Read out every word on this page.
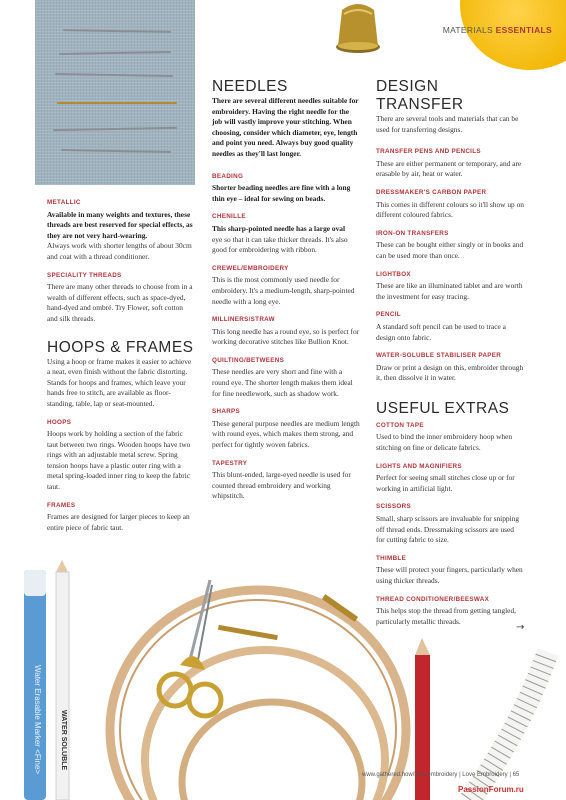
MATERIALS ESSENTIALS
METALLIC
Available in many weights and textures, these threads are best reserved for special effects, as they are not very hard-wearing.
Always work with shorter lengths of about 30cm and coat with a thread conditioner.
SPECIALITY THREADS
There are many other threads to choose from in a wealth of different effects, such as space-dyed, hand-dyed and ombré. Try Flower, soft cotton and silk threads.
HOOPS & FRAMES
Using a hoop or frame makes it easier to achieve a neat, even finish without the fabric distorting. Stands for hoops and frames, which leave your hands free to stitch, are available as floor-standing, table, lap or seat-mounted.
HOOPS
Hoops work by holding a section of the fabric taut between two rings. Wooden hoops have two rings with an adjustable metal screw. Spring tension hoops have a plastic outer ring with a metal spring-loaded inner ring to keep the fabric taut.
FRAMES
Frames are designed for larger pieces to keep an entire piece of fabric taut.
NEEDLES
There are several different needles suitable for embroidery. Having the right needle for the job will vastly improve your stitching. When choosing, consider which diameter, eye, length and point you need. Always buy good quality needles as they'll last longer.
BEADING
Shorter beading needles are fine with a long thin eye – ideal for sewing on beads.
CHENILLE
This sharp-pointed needle has a large oval
eye so that it can take thicker threads. It's also good for embroidering with ribbon.
CREWEL/EMBROIDERY
This is the most commonly used needle for embroidery. It's a medium-length, sharp-pointed needle with a long eye.
MILLINERS/STRAW
This long needle has a round eye, so is perfect for working decorative stitches like Bullion Knot.
QUILTING/BETWEENS
These needles are very short and fine with a round eye. The shorter length makes them ideal for fine needlework, such as shadow work.
SHARPS
These general purpose needles are medium length with round eyes, which makes them strong, and perfect for tightly woven fabrics.
TAPESTRY
This blunt-ended, large-eyed needle is used for counted thread embroidery and working whipstitch.
DESIGN TRANSFER
There are several tools and materials that can be used for transferring designs.
TRANSFER PENS AND PENCILS
These are either permanent or temporary, and are erasable by air, heat or water.
DRESSMAKER'S CARBON PAPER
This comes in different colours so it'll show up on different coloured fabrics.
IRON-ON TRANSFERS
These can be bought either singly or in books and can be used more than once.
LIGHTBOX
These are like an illuminated tablet and are worth the investment for easy tracing.
PENCIL
A standard soft pencil can be used to trace a design onto fabric.
WATER-SOLUBLE STABILISER PAPER
Draw or print a design on this, embroider through it, then dissolve it in water.
USEFUL EXTRAS
COTTON TAPE
Used to bind the inner embroidery hoop when stitching on fine or delicate fabrics.
LIGHTS AND MAGNIFIERS
Perfect for seeing small stitches close up or for working in artificial light.
SCISSORS
Small, sharp scissors are invaluable for snipping off thread ends. Dressmaking scissors are used for cutting fabric to size.
THIMBLE
These will protect your fingers, particularly when using thicker threads.
THREAD CONDITIONER/BEESWAX
This helps stop the thread from getting tangled, particularly metallic threads.
→
Water Erasable Marker <Fine>	WATER SOLUBLE
www.gathered.how/love-embroidery | Love Embroidery | 65
PassionForum.ru
